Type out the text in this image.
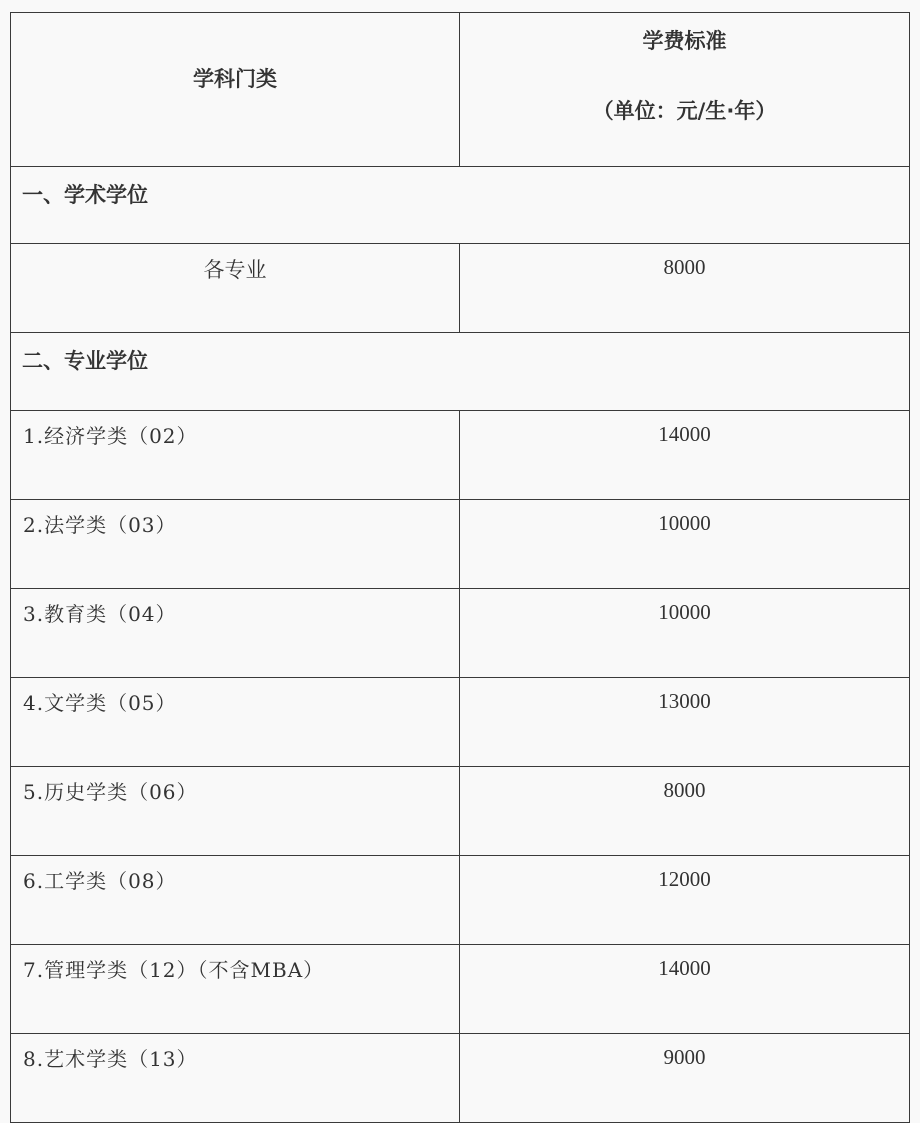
学科门类	学费标准
（单位：元/生·年）

一、学术学位	
各专业	8000
二、专业学位	
1.经济学类（02）	14000
2.法学类（03）	10000
3.教育类（04）	10000
4.文学类（05）	13000
5.历史学类（06）	8000
6.工学类（08）	12000
7.管理学类（12）（不含MBA）	14000
8.艺术学类（13）	9000
